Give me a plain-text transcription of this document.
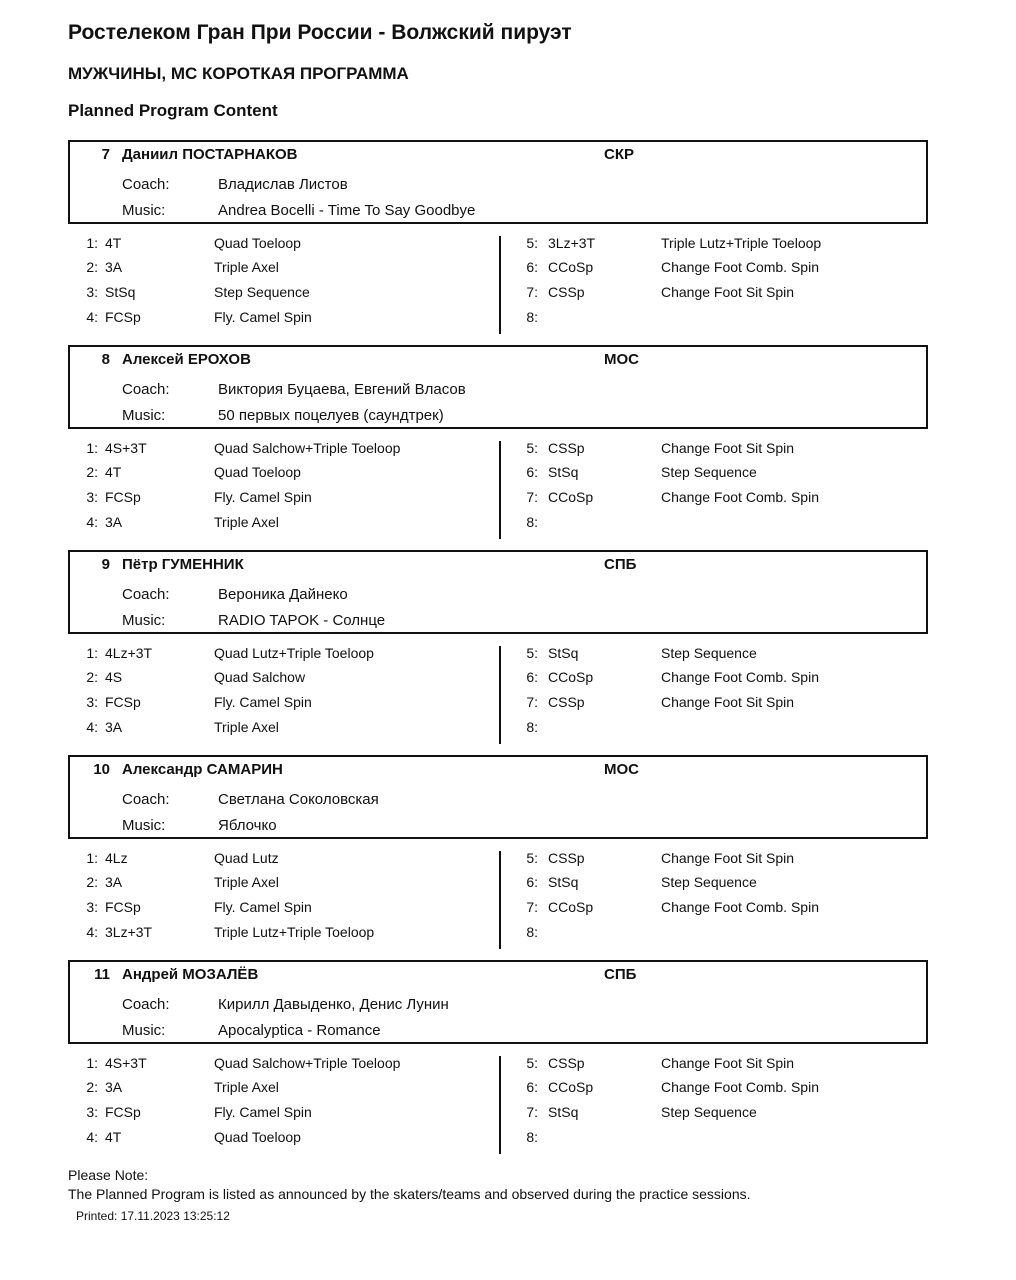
Ростелеком Гран При России - Волжский пируэт
МУЖЧИНЫ, МС КОРОТКАЯ ПРОГРАММА
Planned Program Content
7 Даниил ПОСТАРНАКОВ	СКР
Coach:	Владислав Листов
Music:	Andrea Bocelli - Time To Say Goodbye
1: 4T	Quad Toeloop
2: 3A	Triple Axel
3: StSq	Step Sequence
4: FCSp	Fly. Camel Spin
5: 3Lz+3T	Triple Lutz+Triple Toeloop
6: CCoSp	Change Foot Comb. Spin
7: CSSp	Change Foot Sit Spin
8:
8 Алексей ЕРОХОВ	МОС
Coach:	Виктория Буцаева, Евгений Власов
Music:	50 первых поцелуев (саундтрек)
1: 4S+3T	Quad Salchow+Triple Toeloop
2: 4T	Quad Toeloop
3: FCSp	Fly. Camel Spin
4: 3A	Triple Axel
5: CSSp	Change Foot Sit Spin
6: StSq	Step Sequence
7: CCoSp	Change Foot Comb. Spin
8:
9 Пётр ГУМЕННИК	СПБ
Coach:	Вероника Дайнеко
Music:	RADIO TAPOK - Солнце
1: 4Lz+3T	Quad Lutz+Triple Toeloop
2: 4S	Quad Salchow
3: FCSp	Fly. Camel Spin
4: 3A	Triple Axel
5: StSq	Step Sequence
6: CCoSp	Change Foot Comb. Spin
7: CSSp	Change Foot Sit Spin
8:
10 Александр САМАРИН	МОС
Coach:	Светлана Соколовская
Music:	Яблочко
1: 4Lz	Quad Lutz
2: 3A	Triple Axel
3: FCSp	Fly. Camel Spin
4: 3Lz+3T	Triple Lutz+Triple Toeloop
5: CSSp	Change Foot Sit Spin
6: StSq	Step Sequence
7: CCoSp	Change Foot Comb. Spin
8:
11 Андрей МОЗАЛЁВ	СПБ
Coach:	Кирилл Давыденко, Денис Лунин
Music:	Apocalyptica - Romance
1: 4S+3T	Quad Salchow+Triple Toeloop
2: 3A	Triple Axel
3: FCSp	Fly. Camel Spin
4: 4T	Quad Toeloop
5: CSSp	Change Foot Sit Spin
6: CCoSp	Change Foot Comb. Spin
7: StSq	Step Sequence
8:
Please Note:
The Planned Program is listed as announced by the skaters/teams and observed during the practice sessions.
Printed: 17.11.2023 13:25:12
